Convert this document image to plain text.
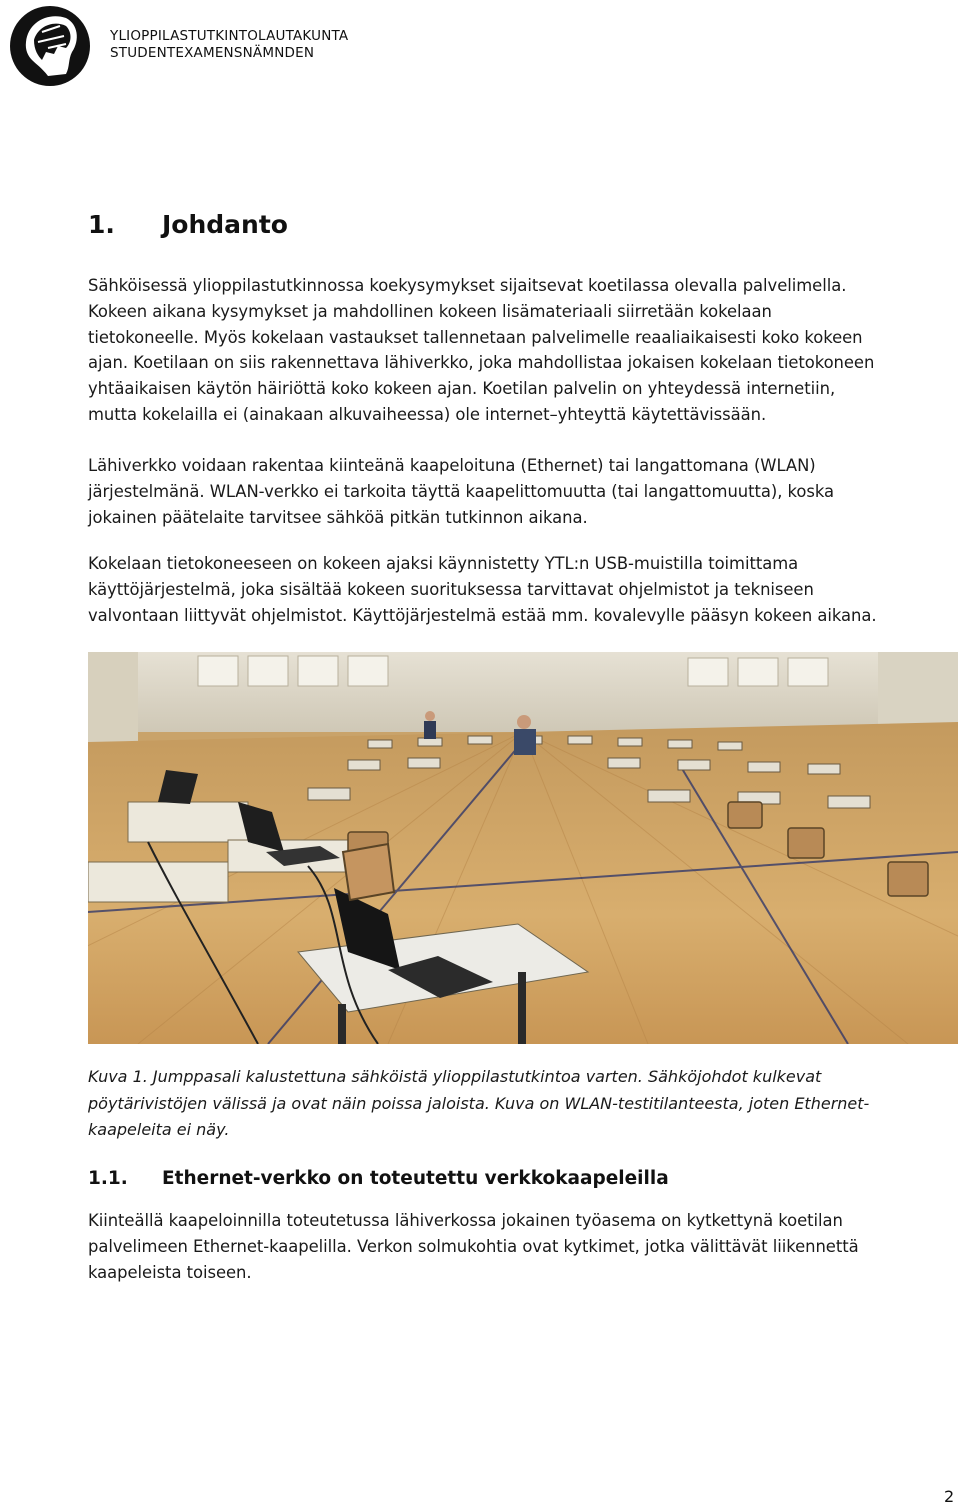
YLIOPPILASTUTKINTOLAUTAKUNTA
STUDENTEXAMENSNÄMNDEN
1. Johdanto
Sähköisessä ylioppilastutkinnossa koekysymykset sijaitsevat koetilassa olevalla palvelimella.
Kokeen aikana kysymykset ja mahdollinen kokeen lisämateriaali siirretään kokelaan
tietokoneelle. Myös kokelaan vastaukset tallennetaan palvelimelle reaaliaikaisesti koko kokeen
ajan. Koetilaan on siis rakennettava lähiverkko, joka mahdollistaa jokaisen kokelaan tietokoneen
yhtäaikaisen käytön häiriöttä koko kokeen ajan. Koetilan palvelin on yhteydessä internetiin,
mutta kokelailla ei (ainakaan alkuvaiheessa) ole internet–yhteyttä käytettävissään.
Lähiverkko voidaan rakentaa kiinteänä kaapeloituna (Ethernet) tai langattomana (WLAN)
järjestelmänä. WLAN-verkko ei tarkoita täyttä kaapelittomuutta (tai langattomuutta), koska
jokainen päätelaite tarvitsee sähköä pitkän tutkinnon aikana.
Kokelaan tietokoneeseen on kokeen ajaksi käynnistetty YTL:n USB-muistilla toimittama
käyttöjärjestelmä, joka sisältää kokeen suorituksessa tarvittavat ohjelmistot ja tekniseen
valvontaan liittyvät ohjelmistot. Käyttöjärjestelmä estää mm. kovalevylle pääsyn kokeen aikana.
Kuva 1. Jumppasali kalustettuna sähköistä ylioppilastutkintoa varten. Sähköjohdot kulkevat
pöytärivistöjen välissä ja ovat näin poissa jaloista. Kuva on WLAN-testitilanteesta, joten Ethernet-
kaapeleita ei näy.
1.1. Ethernet-verkko on toteutettu verkkokaapeleilla
Kiinteällä kaapeloinnilla toteutetussa lähiverkossa jokainen työasema on kytkettynä koetilan
palvelimeen Ethernet-kaapelilla. Verkon solmukohtia ovat kytkimet, jotka välittävät liikennettä
kaapeleista toiseen.
2
